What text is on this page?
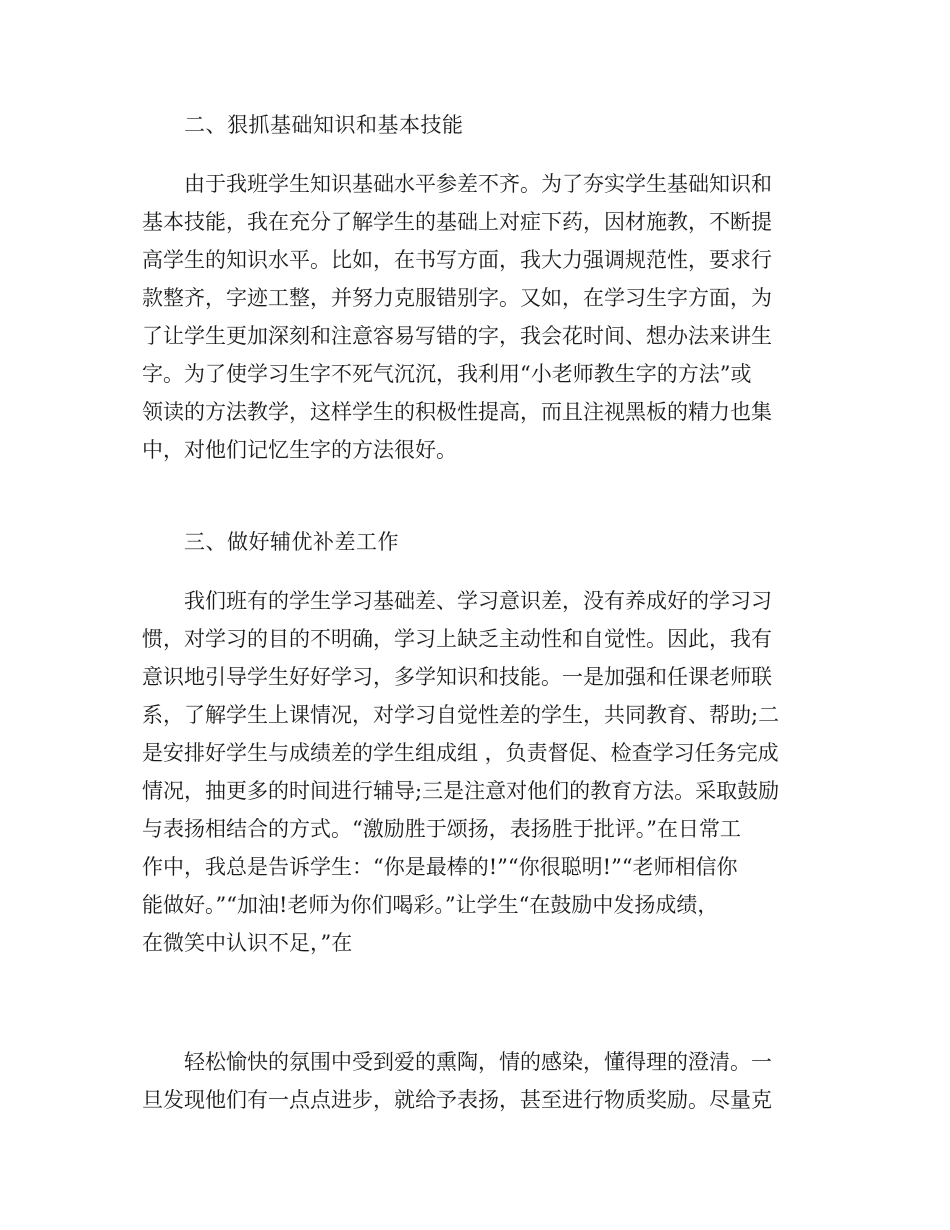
二、狠抓基础知识和基本技能
由于我班学生知识基础水平参差不齐。为了夯实学生基础知识和
基本技能，我在充分了解学生的基础上对症下药，因材施教，不断提
高学生的知识水平。比如，在书写方面，我大力强调规范性，要求行
款整齐，字迹工整，并努力克服错别字。又如，在学习生字方面，为
了让学生更加深刻和注意容易写错的字，我会花时间、想办法来讲生
字。为了使学习生字不死气沉沉，我利用“小老师教生字的方法”或
领读的方法教学，这样学生的积极性提高，而且注视黑板的精力也集
中，对他们记忆生字的方法很好。
三、做好辅优补差工作
我们班有的学生学习基础差、学习意识差，没有养成好的学习习
惯，对学习的目的不明确，学习上缺乏主动性和自觉性。因此，我有
意识地引导学生好好学习，多学知识和技能。一是加强和任课老师联
系，了解学生上课情况，对学习自觉性差的学生，共同教育、帮助;二
是安排好学生与成绩差的学生组成组 ，负责督促、检查学习任务完成
情况，抽更多的时间进行辅导;三是注意对他们的教育方法。采取鼓励
与表扬相结合的方式。“激励胜于颂扬，表扬胜于批评。”在日常工
作中，我总是告诉学生：“你是最棒的!”“你很聪明!”“老师相信你
能做好。”“加油!老师为你们喝彩。”让学生“在鼓励中发扬成绩，
在微笑中认识不足，”在
轻松愉快的氛围中受到爱的熏陶，情的感染，懂得理的澄清。一
旦发现他们有一点点进步，就给予表扬，甚至进行物质奖励。尽量克
